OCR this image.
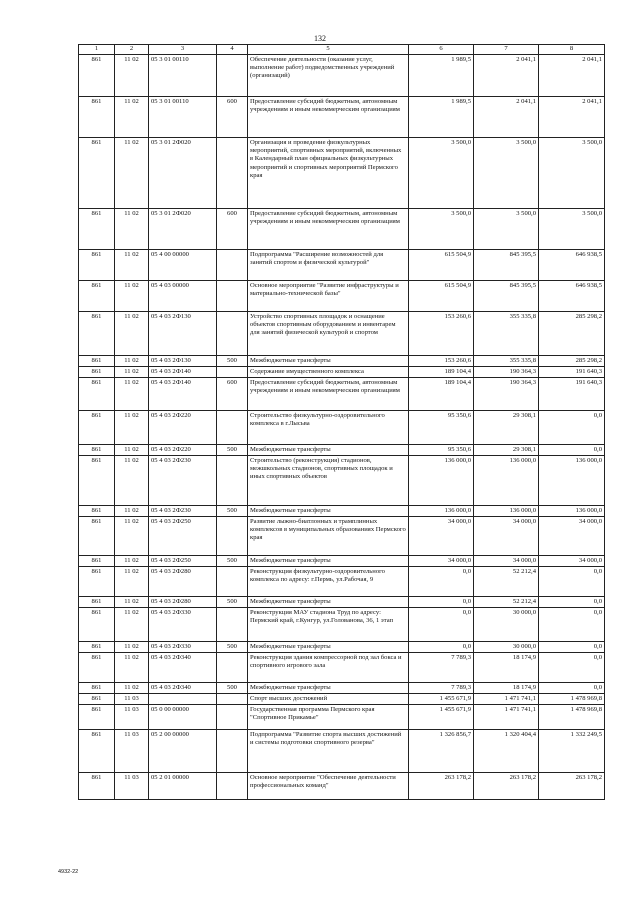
132
1	2	3	4	5	6	7	8
861	11 02	05 3 01 00110		Обеспечение деятельности (оказание услуг, выполнение работ) подведомственных учреждений (организаций)	1 989,5	2 041,1	2 041,1
861	11 02	05 3 01 00110	600	Предоставление субсидий бюджетным, автономным учреждениям и иным некоммерческим организациям	1 989,5	2 041,1	2 041,1
861	11 02	05 3 01 2Ф020		Организация и проведение физкультурных мероприятий, спортивных мероприятий, включенных в Календарный план официальных физкультурных мероприятий и спортивных мероприятий Пермского края	3 500,0	3 500,0	3 500,0
861	11 02	05 3 01 2Ф020	600	Предоставление субсидий бюджетным, автономным учреждениям и иным некоммерческим организациям	3 500,0	3 500,0	3 500,0
861	11 02	05 4 00 00000		Подпрограмма "Расширение возможностей для занятий спортом и физической культурой"	615 504,9	845 395,5	646 938,5
861	11 02	05 4 03 00000		Основное мероприятие "Развитие инфраструктуры и материально-технической базы"	615 504,9	845 395,5	646 938,5
861	11 02	05 4 03 2Ф130		Устройство спортивных площадок и оснащение объектов спортивным оборудованием и инвентарем для занятий физической культурой и спортом	153 260,6	355 335,8	285 298,2
861	11 02	05 4 03 2Ф130	500	Межбюджетные трансферты	153 260,6	355 335,8	285 298,2
861	11 02	05 4 03 2Ф140		Содержание имущественного комплекса	189 104,4	190 364,3	191 640,3
861	11 02	05 4 03 2Ф140	600	Предоставление субсидий бюджетным, автономным учреждениям и иным некоммерческим организациям	189 104,4	190 364,3	191 640,3
861	11 02	05 4 03 2Ф220		Строительство физкультурно-оздоровительного комплекса в г.Лысьва	95 350,6	29 308,1	0,0
861	11 02	05 4 03 2Ф220	500	Межбюджетные трансферты	95 350,6	29 308,1	0,0
861	11 02	05 4 03 2Ф230		Строительство (реконструкция) стадионов, межшкольных стадионов, спортивных площадок и иных спортивных объектов	136 000,0	136 000,0	136 000,0
861	11 02	05 4 03 2Ф230	500	Межбюджетные трансферты	136 000,0	136 000,0	136 000,0
861	11 02	05 4 03 2Ф250		Развитие лыжно-биатлонных и трамплинных комплексов в муниципальных образованиях Пермского края	34 000,0	34 000,0	34 000,0
861	11 02	05 4 03 2Ф250	500	Межбюджетные трансферты	34 000,0	34 000,0	34 000,0
861	11 02	05 4 03 2Ф280		Реконструкция физкультурно-оздоровительного комплекса по адресу: г.Пермь, ул.Рабочая, 9	0,0	52 212,4	0,0
861	11 02	05 4 03 2Ф280	500	Межбюджетные трансферты	0,0	52 212,4	0,0
861	11 02	05 4 03 2Ф330		Реконструкция МАУ стадиона Труд по адресу: Пермский край, г.Кунгур, ул.Голованова, 36, 1 этап	0,0	30 000,0	0,0
861	11 02	05 4 03 2Ф330	500	Межбюджетные трансферты	0,0	30 000,0	0,0
861	11 02	05 4 03 2Ф340		Реконструкция здания компрессорной под зал бокса и спортивного игрового зала	7 789,3	18 174,9	0,0
861	11 02	05 4 03 2Ф340	500	Межбюджетные трансферты	7 789,3	18 174,9	0,0
861	11 03			Спорт высших достижений	1 455 671,9	1 471 741,1	1 478 969,8
861	11 03	05 0 00 00000		Государственная программа Пермского края "Спортивное Прикамье"	1 455 671,9	1 471 741,1	1 478 969,8
861	11 03	05 2 00 00000		Подпрограмма "Развитие спорта высших достижений и системы подготовки спортивного резерва"	1 326 856,7	1 320 404,4	1 332 249,5
861	11 03	05 2 01 00000		Основное мероприятие "Обеспечение деятельности профессиональных команд"	263 178,2	263 178,2	263 178,2
4932-22
